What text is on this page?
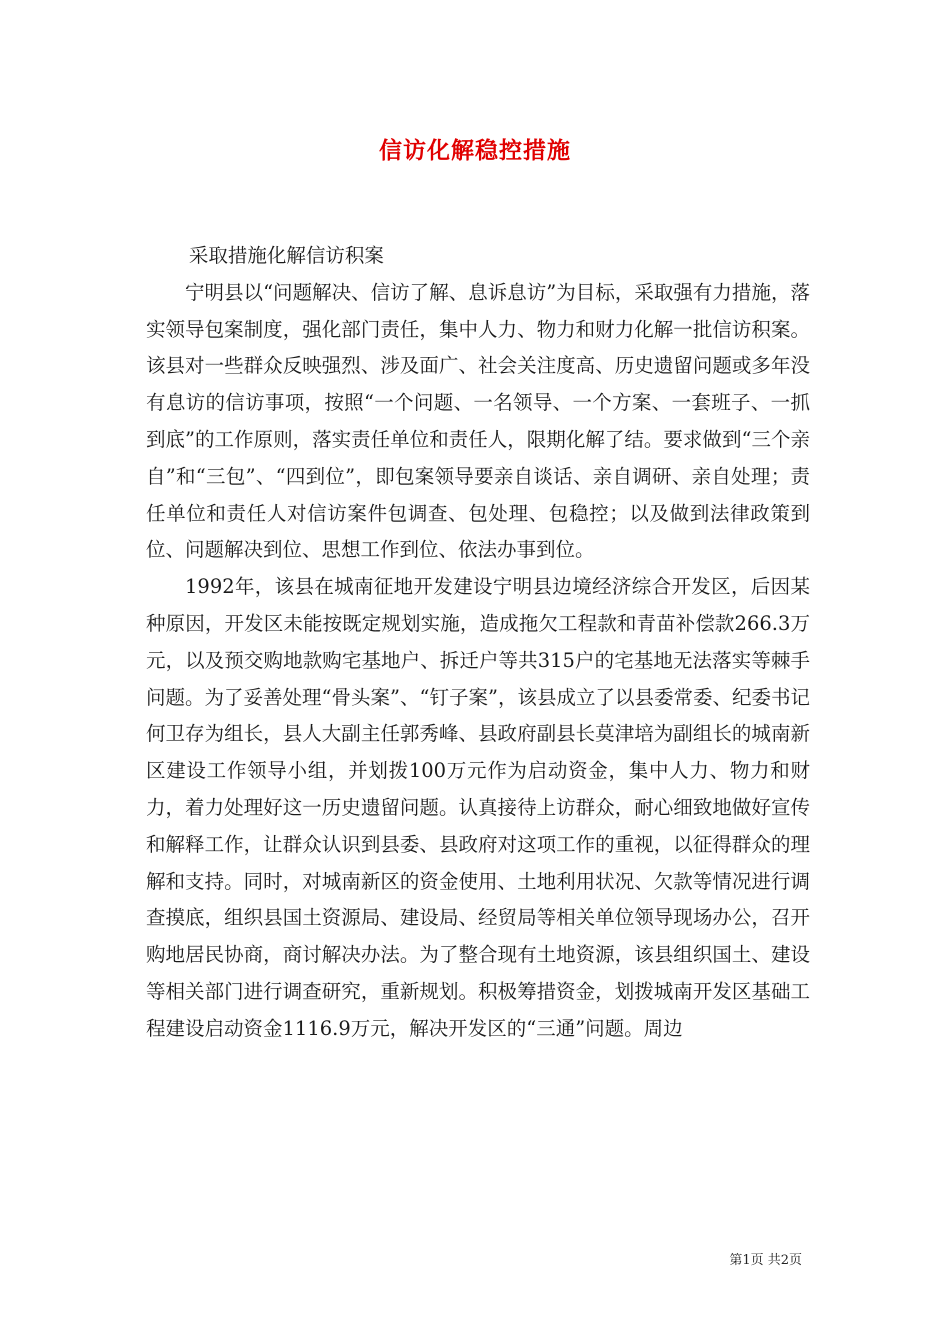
信访化解稳控措施

采取措施化解信访积案

宁明县以“问题解决、信访了解、息诉息访”为目标，采取强有力措施，落实领导包案制度，强化部门责任，集中人力、物力和财力化解一批信访积案。该县对一些群众反映强烈、涉及面广、社会关注度高、历史遗留问题或多年没有息访的信访事项，按照“一个问题、一名领导、一个方案、一套班子、一抓到底”的工作原则，落实责任单位和责任人，限期化解了结。要求做到“三个亲自”和“三包”、“四到位”，即包案领导要亲自谈话、亲自调研、亲自处理；责任单位和责任人对信访案件包调查、包处理、包稳控；以及做到法律政策到位、问题解决到位、思想工作到位、依法办事到位。

1992年，该县在城南征地开发建设宁明县边境经济综合开发区，后因某种原因，开发区未能按既定规划实施，造成拖欠工程款和青苗补偿款266.3万元，以及预交购地款购宅基地户、拆迁户等共315户的宅基地无法落实等棘手问题。为了妥善处理“骨头案”、“钉子案”，该县成立了以县委常委、纪委书记何卫存为组长，县人大副主任郭秀峰、县政府副县长莫津培为副组长的城南新区建设工作领导小组，并划拨100万元作为启动资金，集中人力、物力和财力，着力处理好这一历史遗留问题。认真接待上访群众，耐心细致地做好宣传和解释工作，让群众认识到县委、县政府对这项工作的重视，以征得群众的理解和支持。同时，对城南新区的资金使用、土地利用状况、欠款等情况进行调查摸底，组织县国土资源局、建设局、经贸局等相关单位领导现场办公，召开购地居民协商，商讨解决办法。为了整合现有土地资源，该县组织国土、建设等相关部门进行调查研究，重新规划。积极筹措资金，划拨城南开发区基础工程建设启动资金1116.9万元，解决开发区的“三通”问题。周边

第1页 共2页
